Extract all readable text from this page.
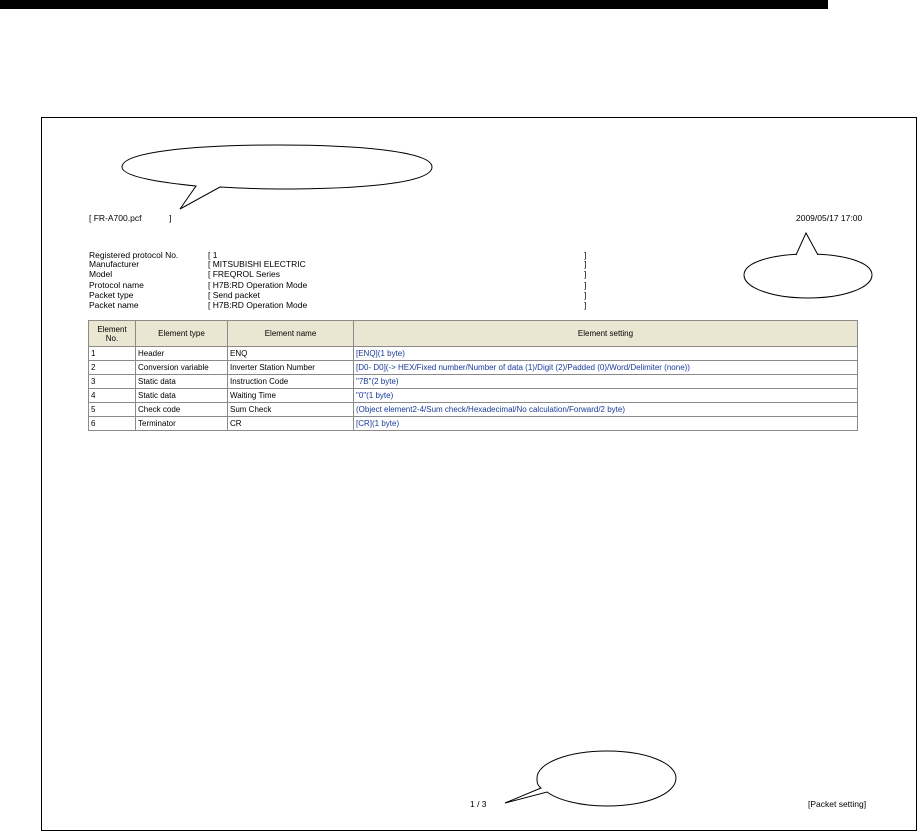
[ FR-A700.pcf	]	2009/05/17 17:00
Registered protocol No.	[ 1	]
Manufacturer	[ MITSUBISHI ELECTRIC	]
Model	[ FREQROL Series	]
Protocol name	[ H7B:RD Operation Mode	]
Packet type	[ Send packet	]
Packet name	[ H7B:RD Operation Mode	]
Element No.	Element type	Element name	Element setting
1	Header	ENQ	[ENQ](1 byte)
2	Conversion variable	Inverter Station Number	[D0- D0](-> HEX/Fixed number/Number of data (1)/Digit (2)/Padded (0)/Word/Delimiter (none))
3	Static data	Instruction Code	"7B"(2 byte)
4	Static data	Waiting Time	"0"(1 byte)
5	Check code	Sum Check	(Object element2-4/Sum check/Hexadecimal/No calculation/Forward/2 byte)
6	Terminator	CR	[CR](1 byte)
1 / 3	[Packet setting]
